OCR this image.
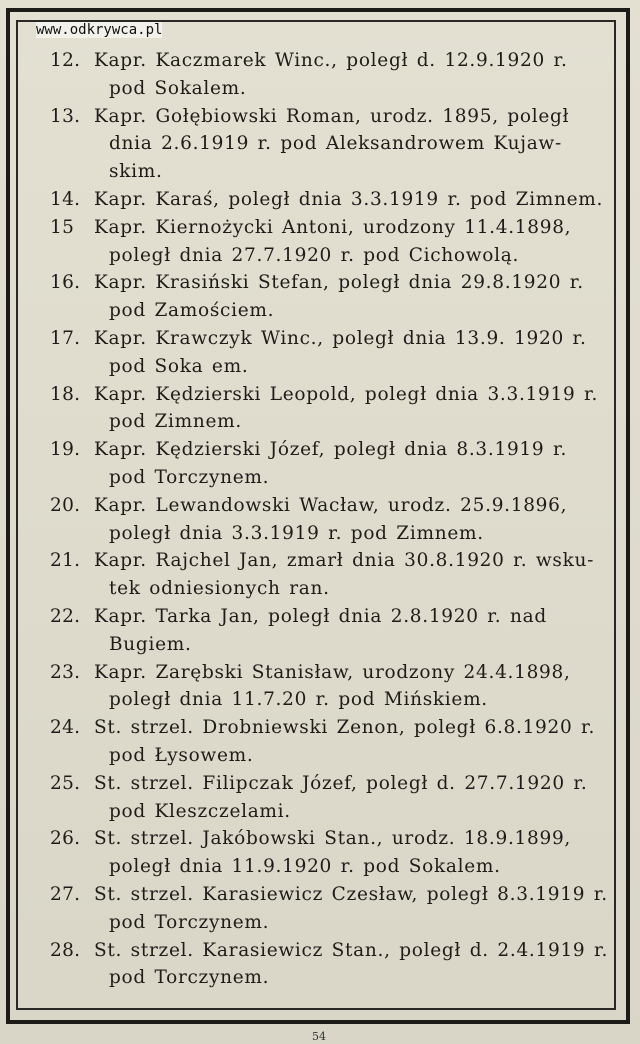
www.odkrywca.pl
12. Kapr. Kaczmarek Winc., poległ d. 12.9.1920 r.
pod Sokalem.
13. Kapr. Gołębiowski Roman, urodz. 1895, poległ
dnia 2.6.1919 r. pod Aleksandrowem Kujaw-
skim.
14. Kapr. Karaś, poległ dnia 3.3.1919 r. pod Zimnem.
15	Kapr. Kiernożycki Antoni, urodzony 11.4.1898,
poległ dnia 27.7.1920 r. pod Cichowolą.
16. Kapr. Krasiński Stefan, poległ dnia 29.8.1920 r.
pod Zamościem.
17. Kapr. Krawczyk Winc., poległ dnia 13.9. 1920 r.
pod Soka em.
18. Kapr. Kędzierski Leopold, poległ dnia 3.3.1919 r.
pod Zimnem.
19. Kapr. Kędzierski Józef, poległ dnia 8.3.1919 r.
pod Torczynem.
20. Kapr. Lewandowski Wacław, urodz. 25.9.1896,
poległ dnia 3.3.1919 r. pod Zimnem.
21. Kapr. Rajchel Jan, zmarł dnia 30.8.1920 r. wsku-
tek odniesionych ran.
22. Kapr. Tarka Jan, poległ dnia 2.8.1920 r. nad
Bugiem.
23. Kapr. Zarębski Stanisław, urodzony 24.4.1898,
poległ dnia 11.7.20 r. pod Mińskiem.
24. St. strzel. Drobniewski Zenon, poległ 6.8.1920 r.
pod Łysowem.
25. St. strzel. Filipczak Józef, poległ d. 27.7.1920 r.
pod Kleszczelami.
26. St. strzel. Jakóbowski Stan., urodz. 18.9.1899,
poległ dnia 11.9.1920 r. pod Sokalem.
27. St. strzel. Karasiewicz Czesław, poległ 8.3.1919 r.
pod Torczynem.
28. St. strzel. Karasiewicz Stan., poległ d. 2.4.1919 r.
pod Torczynem.
54
